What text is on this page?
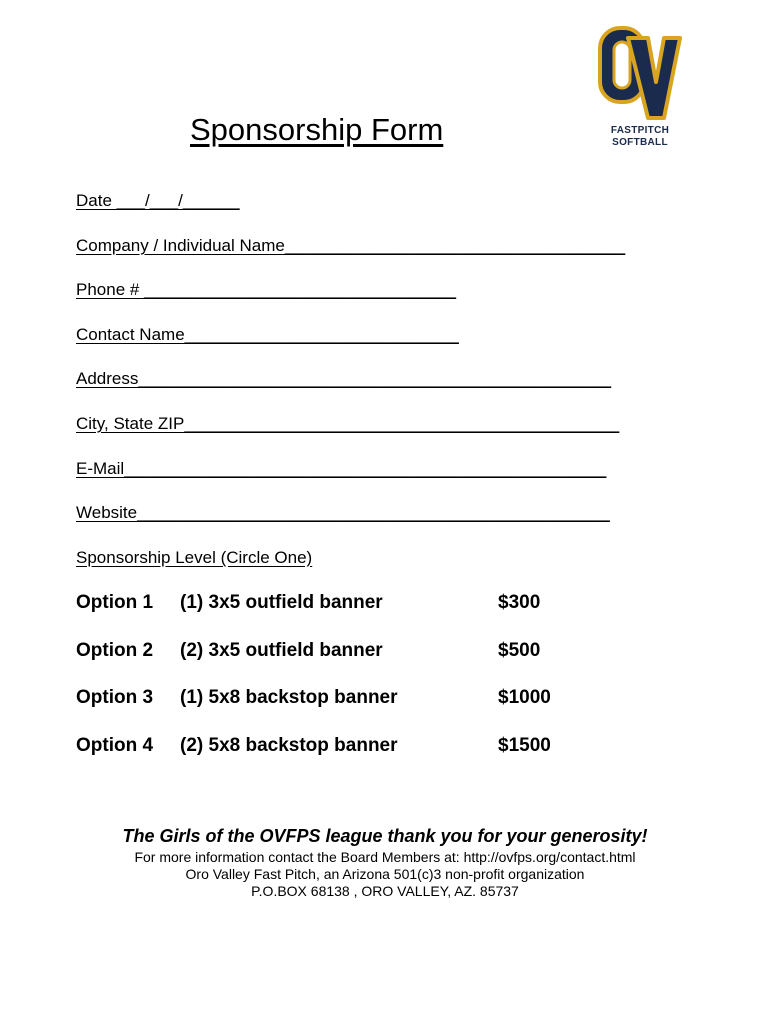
FASTPITCH
SOFTBALL
Sponsorship Form
Date ___/___/______
Company / Individual Name____________________________________
Phone # _________________________________
Contact Name_____________________________
Address__________________________________________________
City, State ZIP______________________________________________
E-Mail___________________________________________________
Website__________________________________________________
Sponsorship Level (Circle One)
Option 1 (1) 3x5 outfield banner	$300
Option 2 (2) 3x5 outfield banner	$500
Option 3 (1) 5x8 backstop banner	$1000
Option 4 (2) 5x8 backstop banner	$1500
The Girls of the OVFPS league thank you for your generosity!
For more information contact the Board Members at: http://ovfps.org/contact.html
Oro Valley Fast Pitch, an Arizona 501(c)3 non-profit organization
P.O.BOX 68138 , ORO VALLEY, AZ. 85737
